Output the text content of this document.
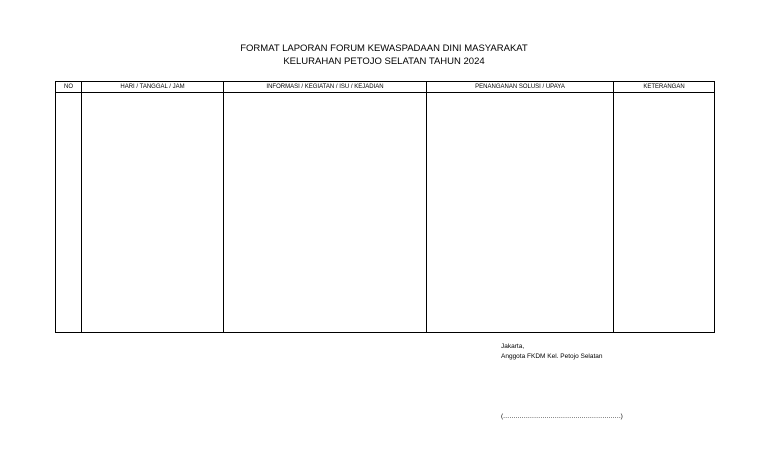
FORMAT LAPORAN FORUM KEWASPADAAN DINI MASYARAKAT
KELURAHAN PETOJO SELATAN TAHUN 2024
NO	HARI / TANGGAL / JAM	INFORMASI / KEGIATAN / ISU / KEJADIAN	PENANGANAN SOLUSI / UPAYA	KETERANGAN

Jakarta,
Anggota FKDM Kel. Petojo Selatan
(…………………………………………………)
